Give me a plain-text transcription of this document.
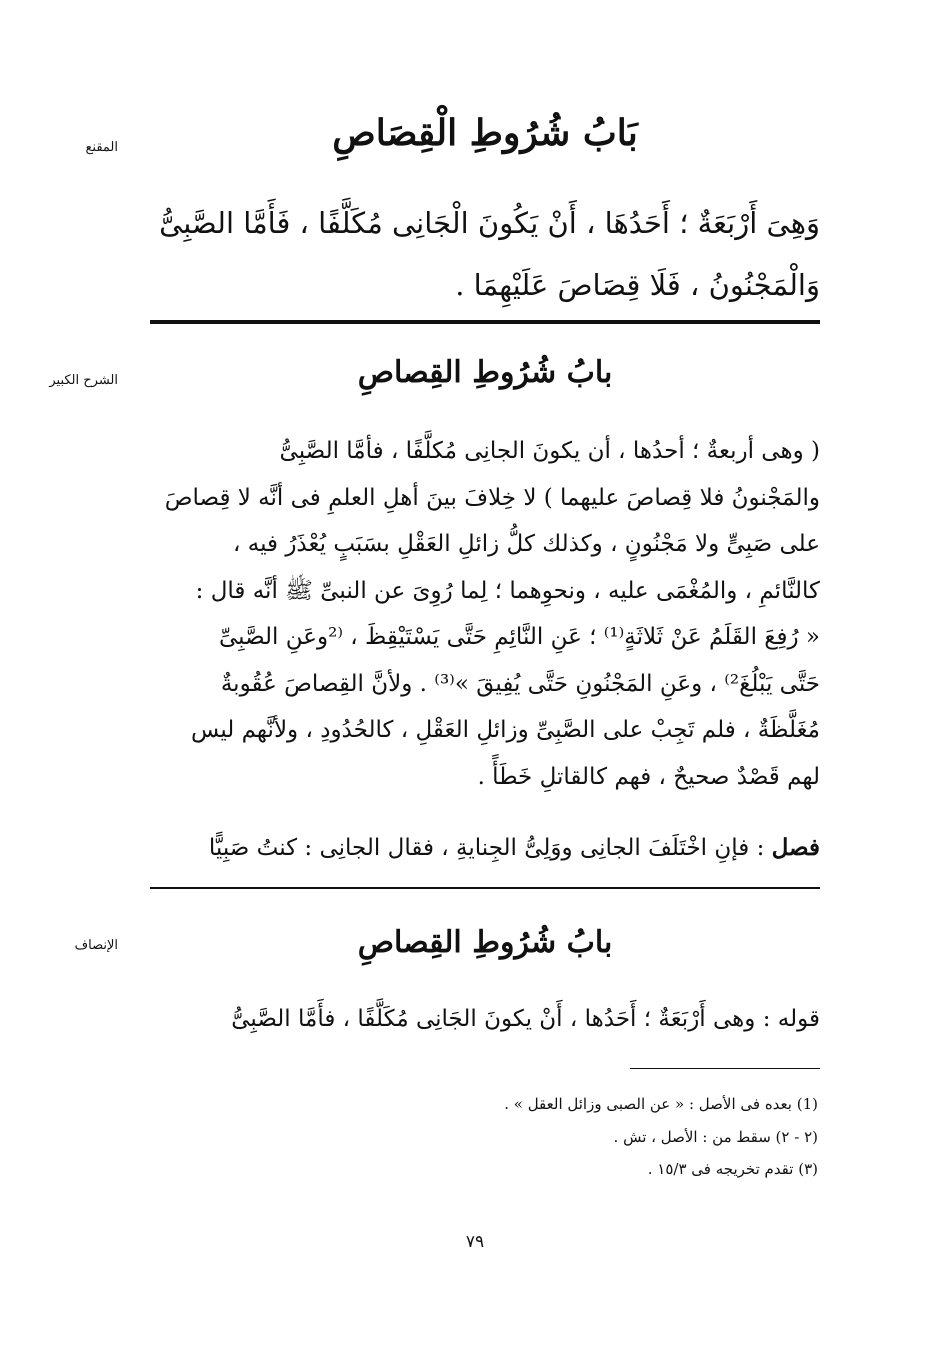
المقنع	بَابُ شُرُوطِ الْقِصَاصِ
وَهِىَ أَرْبَعَةٌ ؛ أَحَدُهَا ، أَنْ يَكُونَ الْجَانِى مُكَلَّفًا ، فَأَمَّا الصَّبِىُّ
وَالْمَجْنُونُ ، فَلَا قِصَاصَ عَلَيْهِمَا .
الشرح الكبير	بابُ شُرُوطِ القِصاصِ
( وهى أربعةٌ ؛ أحدُها ، أن يكونَ الجانِى مُكلَّفًا ، فأمَّا الصَّبِىُّ
والمَجْنونُ فلا قِصاصَ عليهما ) لا خِلافَ بينَ أهلِ العلمِ فى أنَّه لا قِصاصَ
على صَبِىٍّ ولا مَجْنُونٍ ، وكذلك كلُّ زائلِ العَقْلِ بسَبَبٍ يُعْذَرُ فيه ،
كالنَّائمِ ، والمُغْمَى عليه ، ونحوِهما ؛ لِما رُوِىَ عن النبىِّ ﷺ أنَّه قال :
« رُفِعَ القَلَمُ عَنْ ثَلاثَةٍ⁽¹⁾ ؛ عَنِ النَّائِمِ حَتَّى يَسْتَيْقِظَ ، ⁽²وعَنِ الصَّبِىِّ
حَتَّى يَبْلُغَ²⁾ ، وعَنِ المَجْنُونِ حَتَّى يُفِيقَ »⁽³⁾ . ولأنَّ القِصاصَ عُقُوبةٌ
مُغَلَّظَةٌ ، فلم تَجِبْ على الصَّبِىِّ وزائلِ العَقْلِ ، كالحُدُودِ ، ولأنَّهم ليس
لهم قَصْدٌ صحيحٌ ، فهم كالقاتلِ خَطَأً .
فصل : فإنِ اخْتَلَفَ الجانِى ووَلِىُّ الجِنايةِ ، فقال الجانِى : كنتُ صَبِيًّا
الإنصاف	بابُ شُرُوطِ القِصاصِ
قوله : وهى أَرْبَعَةٌ ؛ أَحَدُها ، أَنْ يكونَ الجَانِى مُكَلَّفًا ، فأَمَّا الصَّبِىُّ
(1) بعده فى الأصل : « عن الصبى وزائل العقل » .
(٢ - ٢) سقط من : الأصل ، تش .
(٣) تقدم تخريجه فى ١٥/٣ .
٧٩
